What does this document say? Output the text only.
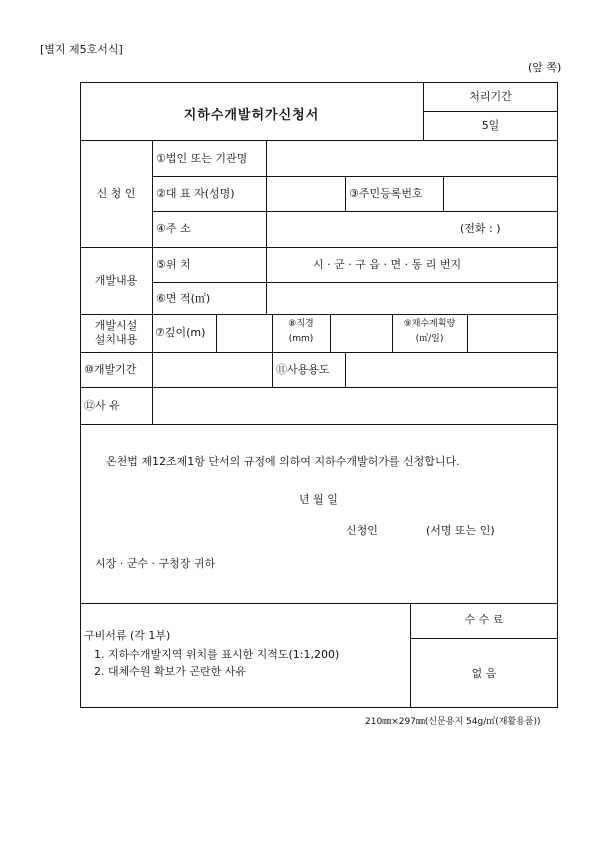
[별지 제5호서식]
(앞 쪽)
지하수개발허가신청서
처리기간
5일
신 청 인
①법인 또는 기관명
②대 표 자(성명)	③주민등록번호
④주 소	(전화 : )
개발내용
⑤위 치	시 · 군 · 구 읍 · 면 · 동 리 번지
⑥면 적(㎡)
개발시설
설치내용
⑦깊이(m)
⑧직경
(mm)
⑨채수계획량
(㎥/일)
⑩개발기간	⑪사용용도
⑫사 유
온천법 제12조제1항 단서의 규정에 의하여 지하수개발허가를 신청합니다.
년 월 일
신청인	(서명 또는 인)
시장 · 군수 · 구청장 귀하
구비서류 (각 1부)
1. 지하수개발지역 위치를 표시한 지적도(1:1,200)
2. 대체수원 확보가 곤란한 사유
수 수 료
없 음
210㎜×297㎜(신문용지 54g/㎡(재활용품))
